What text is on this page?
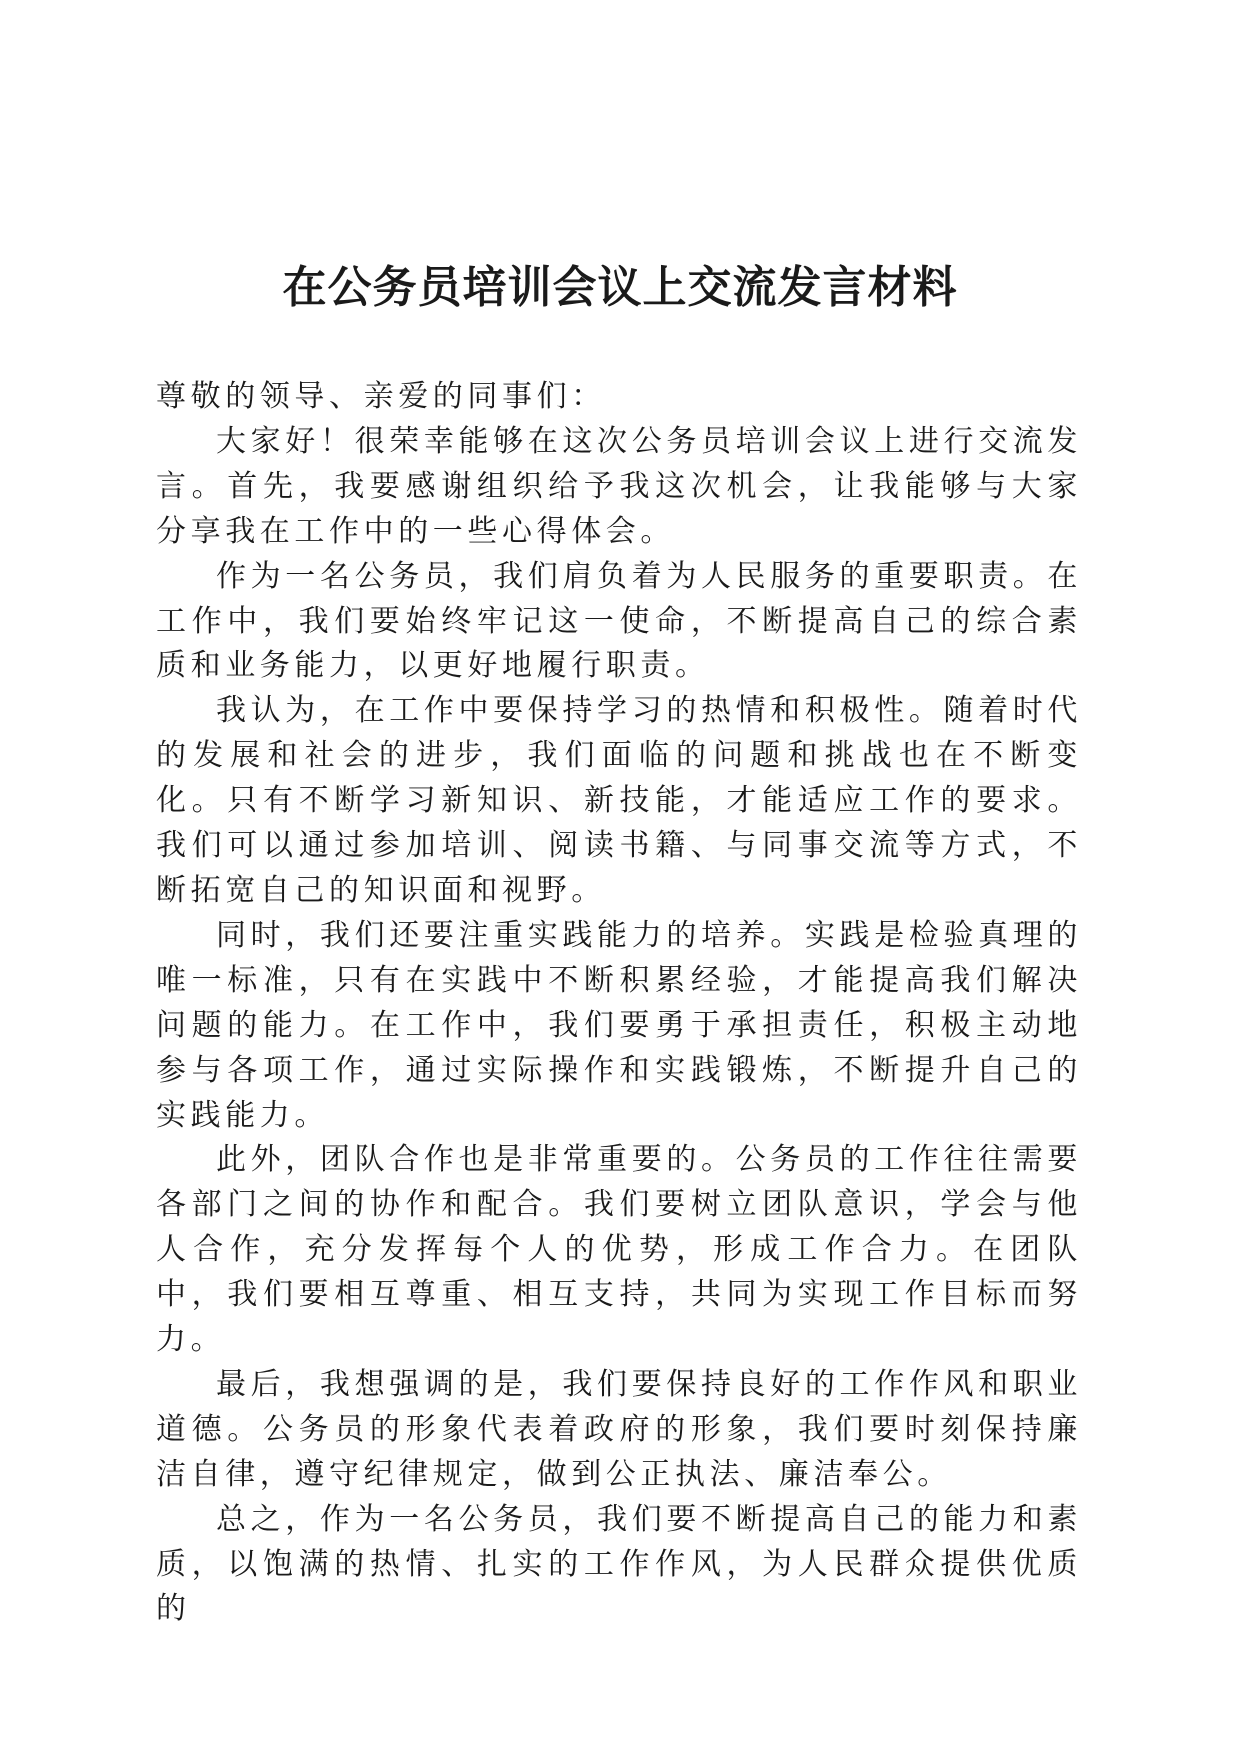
在公务员培训会议上交流发言材料

尊敬的领导、亲爱的同事们：

大家好！很荣幸能够在这次公务员培训会议上进行交流发言。首先，我要感谢组织给予我这次机会，让我能够与大家分享我在工作中的一些心得体会。

作为一名公务员，我们肩负着为人民服务的重要职责。在工作中，我们要始终牢记这一使命，不断提高自己的综合素质和业务能力，以更好地履行职责。

我认为，在工作中要保持学习的热情和积极性。随着时代的发展和社会的进步，我们面临的问题和挑战也在不断变化。只有不断学习新知识、新技能，才能适应工作的要求。我们可以通过参加培训、阅读书籍、与同事交流等方式，不断拓宽自己的知识面和视野。

同时，我们还要注重实践能力的培养。实践是检验真理的唯一标准，只有在实践中不断积累经验，才能提高我们解决问题的能力。在工作中，我们要勇于承担责任，积极主动地参与各项工作，通过实际操作和实践锻炼，不断提升自己的实践能力。

此外，团队合作也是非常重要的。公务员的工作往往需要各部门之间的协作和配合。我们要树立团队意识，学会与他人合作，充分发挥每个人的优势，形成工作合力。在团队中，我们要相互尊重、相互支持，共同为实现工作目标而努力。

最后，我想强调的是，我们要保持良好的工作作风和职业道德。公务员的形象代表着政府的形象，我们要时刻保持廉洁自律，遵守纪律规定，做到公正执法、廉洁奉公。

总之，作为一名公务员，我们要不断提高自己的能力和素质，以饱满的热情、扎实的工作作风，为人民群众提供优质的
